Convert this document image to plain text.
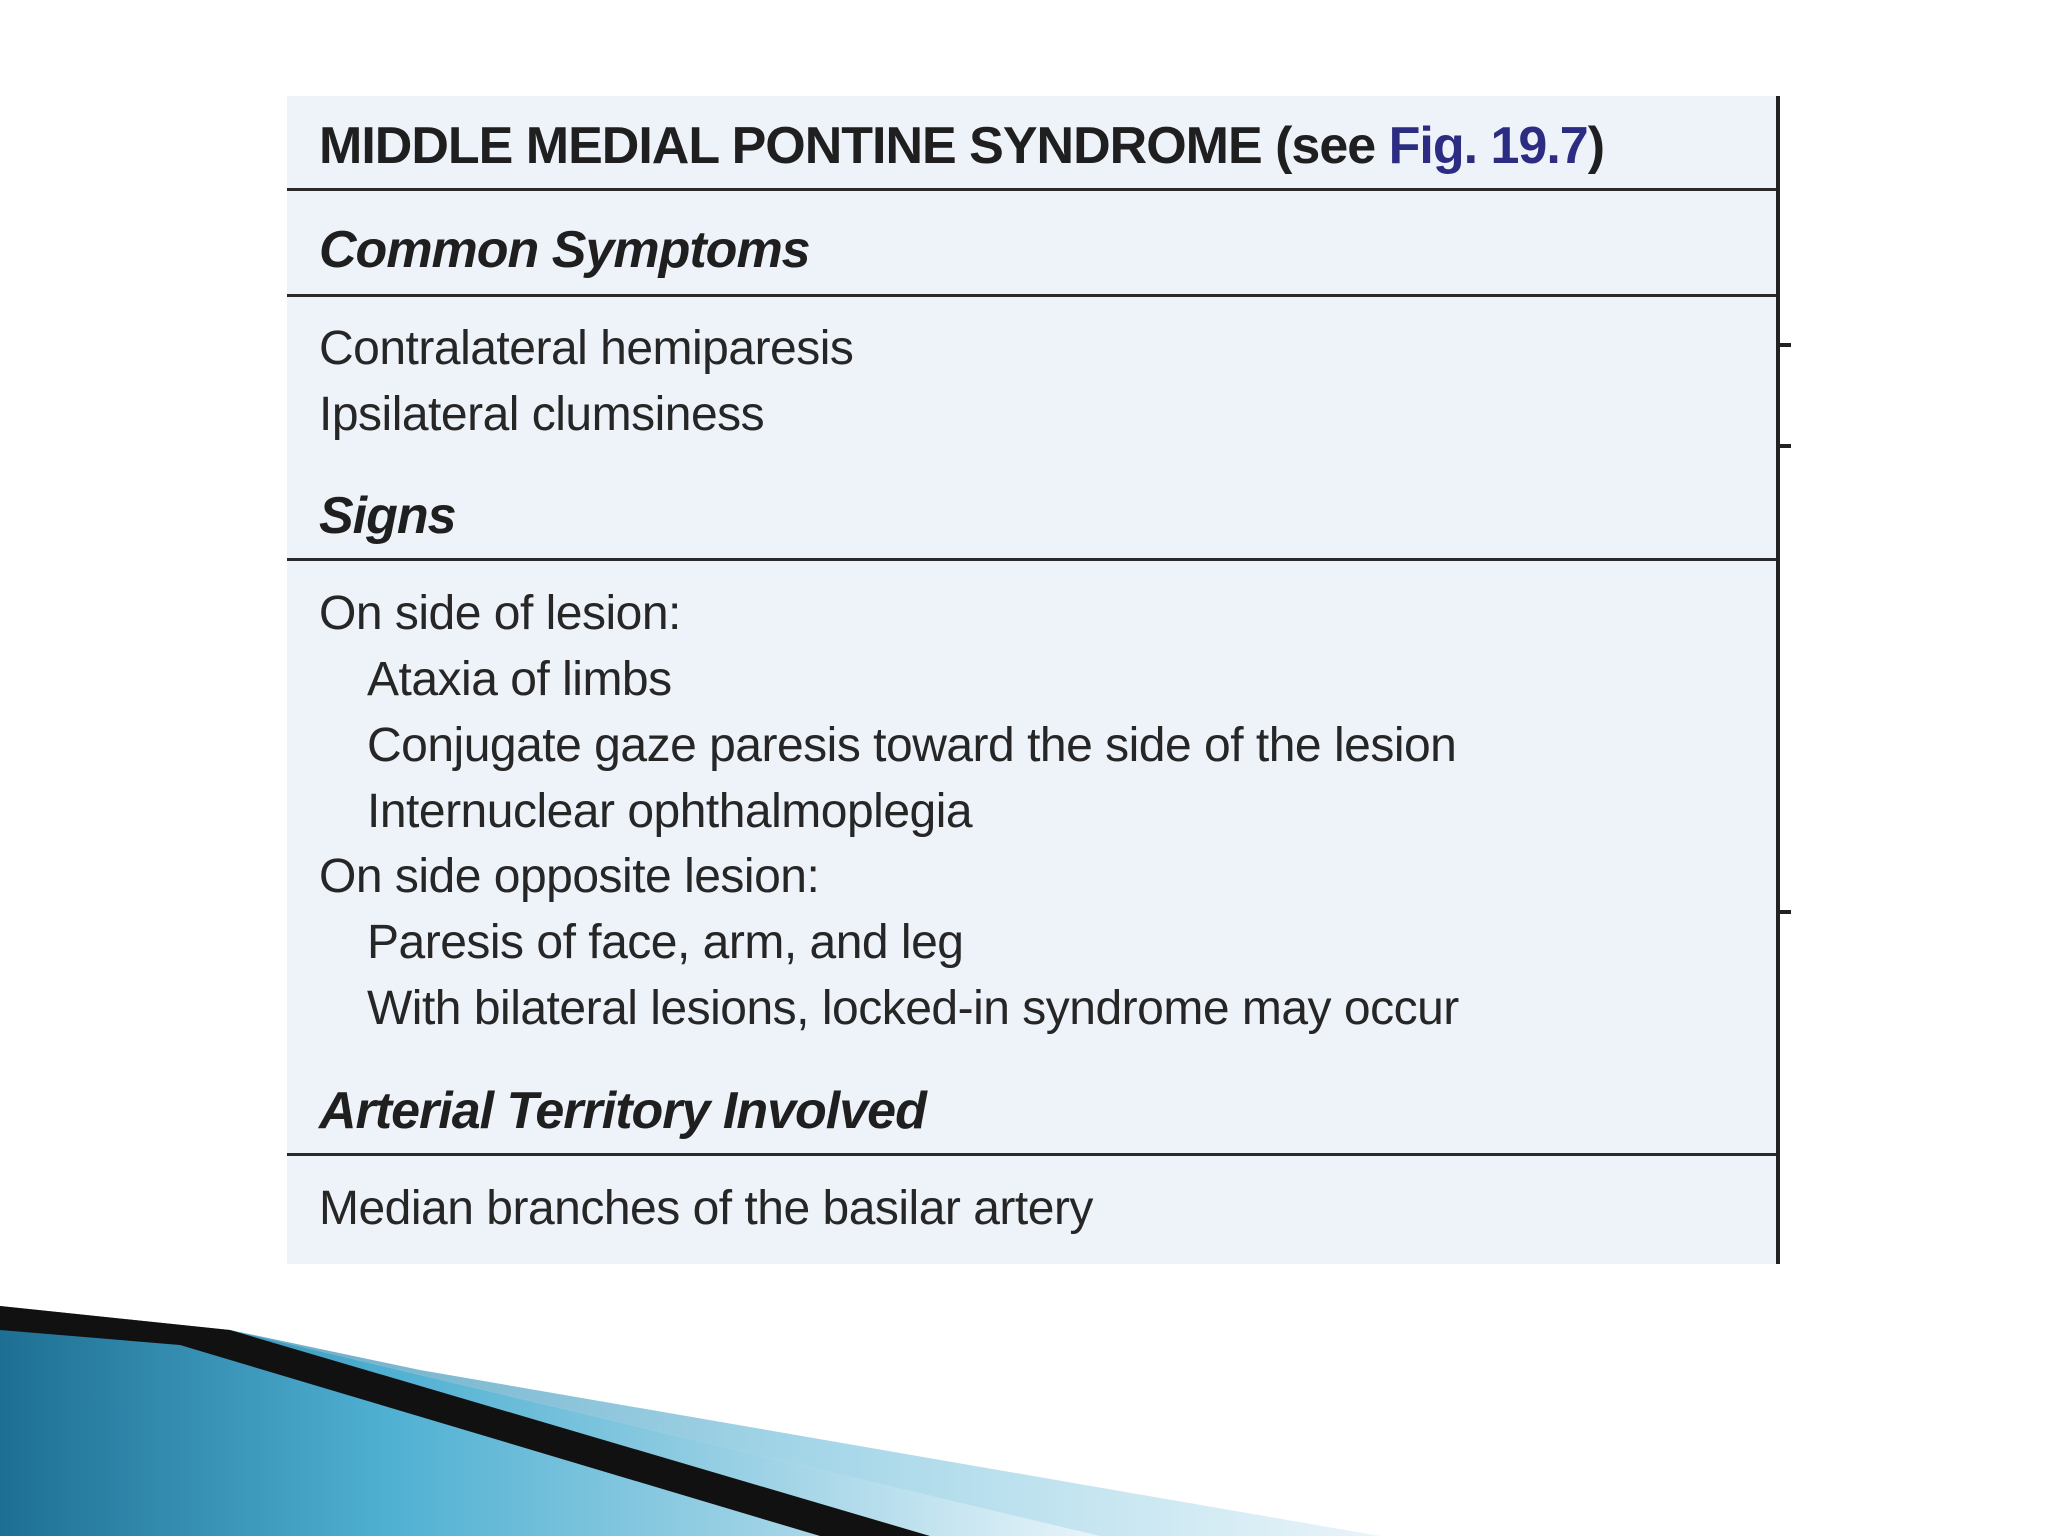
MIDDLE MEDIAL PONTINE SYNDROME (see Fig. 19.7)
Common Symptoms
Contralateral hemiparesis
Ipsilateral clumsiness
Signs
On side of lesion:
Ataxia of limbs
Conjugate gaze paresis toward the side of the lesion
Internuclear ophthalmoplegia
On side opposite lesion:
Paresis of face, arm, and leg
With bilateral lesions, locked-in syndrome may occur
Arterial Territory Involved
Median branches of the basilar artery
